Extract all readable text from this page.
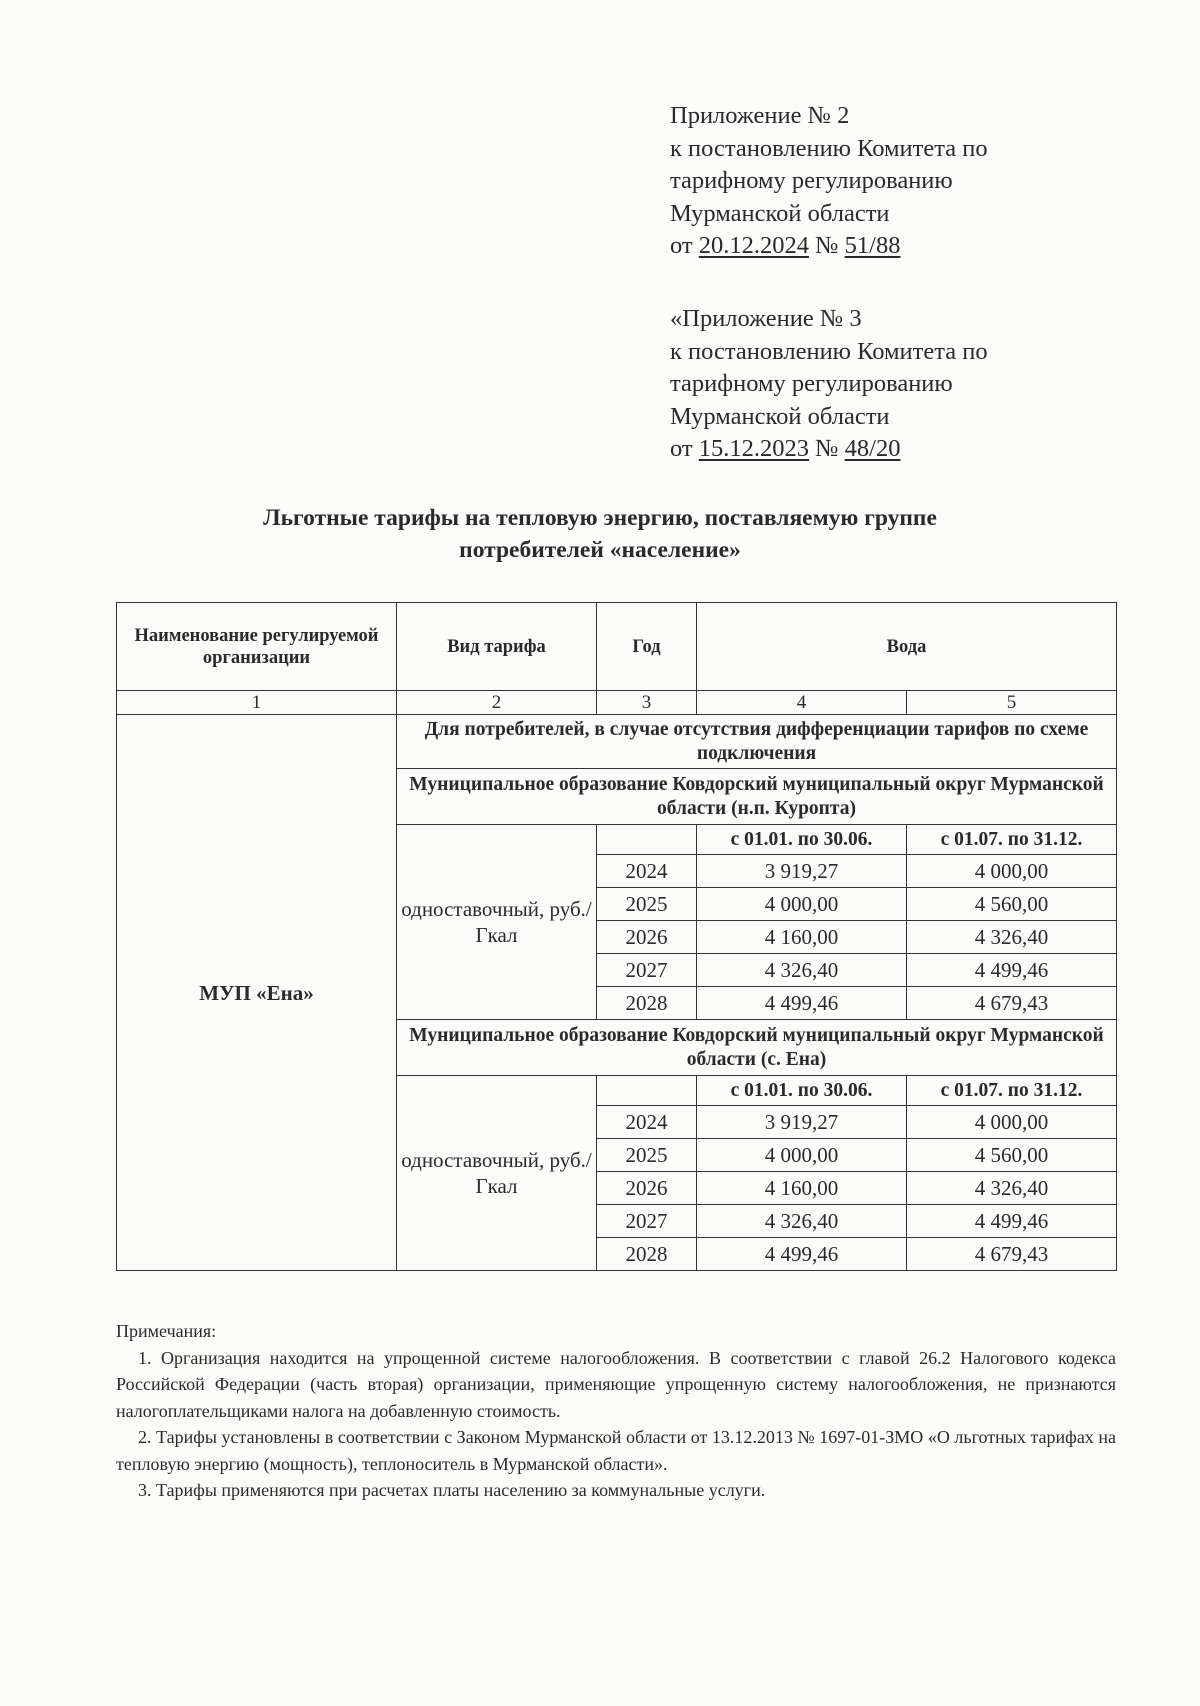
Приложение № 2
к постановлению Комитета по
тарифному регулированию
Мурманской области
от 20.12.2024 № 51/88
«Приложение № 3
к постановлению Комитета по
тарифному регулированию
Мурманской области
от 15.12.2023 № 48/20
Льготные тарифы на тепловую энергию, поставляемую группе
потребителей «население»
Наименование регулируемой организации	Вид тарифа	Год	Вода	
1	2	3	4	5
МУП «Ена»	Для потребителей, в случае отсутствия дифференциации тарифов по схеме подключения			
	Муниципальное образование Ковдорский муниципальный округ Мурманской области (н.п. Куропта)			
	одноставочный, руб./Гкал		с 01.01. по 30.06.	с 01.07. по 31.12.
		2024	3 919,27	4 000,00
		2025	4 000,00	4 560,00
		2026	4 160,00	4 326,40
		2027	4 326,40	4 499,46
		2028	4 499,46	4 679,43
	Муниципальное образование Ковдорский муниципальный округ Мурманской области (с. Ена)			
	одноставочный, руб./Гкал		с 01.01. по 30.06.	с 01.07. по 31.12.
		2024	3 919,27	4 000,00
		2025	4 000,00	4 560,00
		2026	4 160,00	4 326,40
		2027	4 326,40	4 499,46
		2028	4 499,46	4 679,43

Примечания:

1. Организация находится на упрощенной системе налогообложения. В соответствии с главой 26.2 Налогового кодекса Российской Федерации (часть вторая) организации, применяющие упрощенную систему налогообложения, не признаются налогоплательщиками налога на добавленную стоимость.

2. Тарифы установлены в соответствии с Законом Мурманской области от 13.12.2013 № 1697-01-ЗМО «О льготных тарифах на тепловую энергию (мощность), теплоноситель в Мурманской области».

3. Тарифы применяются при расчетах платы населению за коммунальные услуги.
